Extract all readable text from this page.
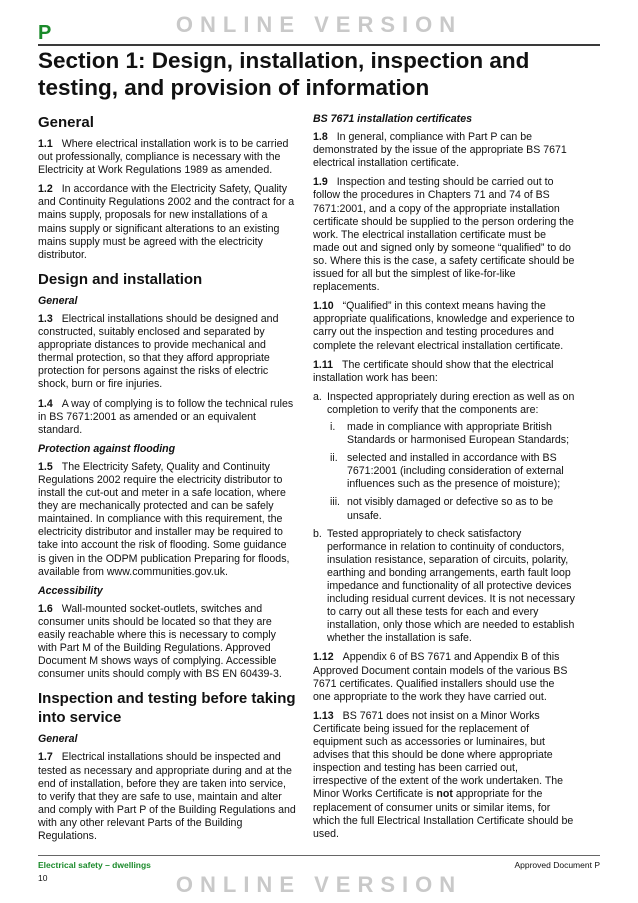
P	ONLINE VERSION
Section 1: Design, installation, inspection and testing, and provision of information
General

1.1 Where electrical installation work is to be carried out professionally, compliance is necessary with the Electricity at Work Regulations 1989 as amended.

1.2 In accordance with the Electricity Safety, Quality and Continuity Regulations 2002 and the contract for a mains supply, proposals for new installations of a mains supply or significant alterations to an existing mains supply must be agreed with the electricity distributor.

Design and installation
General

1.3 Electrical installations should be designed and constructed, suitably enclosed and separated by appropriate distances to provide mechanical and thermal protection, so that they afford appropriate protection for persons against the risks of electric shock, burn or fire injuries.

1.4 A way of complying is to follow the technical rules in BS 7671:2001 as amended or an equivalent standard.

Protection against flooding

1.5 The Electricity Safety, Quality and Continuity Regulations 2002 require the electricity distributor to install the cut-out and meter in a safe location, where they are mechanically protected and can be safely maintained. In compliance with this requirement, the electricity distributor and installer may be required to take into account the risk of flooding. Some guidance is given in the ODPM publication Preparing for floods, available from www.communities.gov.uk.

Accessibility

1.6 Wall-mounted socket-outlets, switches and consumer units should be located so that they are easily reachable where this is necessary to comply with Part M of the Building Regulations. Approved Document M shows ways of complying. Accessible consumer units should comply with BS EN 60439-3.

Inspection and testing before taking into service
General

1.7 Electrical installations should be inspected and tested as necessary and appropriate during and at the end of installation, before they are taken into service, to verify that they are safe to use, maintain and alter and comply with Part P of the Building Regulations and with any other relevant Parts of the Building Regulations.

BS 7671 installation certificates

1.8 In general, compliance with Part P can be demonstrated by the issue of the appropriate BS 7671 electrical installation certificate.

1.9 Inspection and testing should be carried out to follow the procedures in Chapters 71 and 74 of BS 7671:2001, and a copy of the appropriate installation certificate should be supplied to the person ordering the work. The electrical installation certificate must be made out and signed only by someone “qualified” to do so. Where this is the case, a safety certificate should be issued for all but the simplest of like-for-like replacements.

1.10 “Qualified” in this context means having the appropriate qualifications, knowledge and experience to carry out the inspection and testing procedures and complete the relevant electrical installation certificate.

1.11 The certificate should show that the electrical installation work has been:

a. Inspected appropriately during erection as well as on completion to verify that the components are:
i. made in compliance with appropriate British Standards or harmonised European Standards;
ii. selected and installed in accordance with BS 7671:2001 (including consideration of external influences such as the presence of moisture);
iii. not visibly damaged or defective so as to be unsafe.
b. Tested appropriately to check satisfactory performance in relation to continuity of conductors, insulation resistance, separation of circuits, polarity, earthing and bonding arrangements, earth fault loop impedance and functionality of all protective devices including residual current devices. It is not necessary to carry out all these tests for each and every installation, only those which are needed to establish whether the installation is safe.

1.12 Appendix 6 of BS 7671 and Appendix B of this Approved Document contain models of the various BS 7671 certificates. Qualified installers should use the one appropriate to the work they have carried out.

1.13 BS 7671 does not insist on a Minor Works Certificate being issued for the replacement of equipment such as accessories or luminaires, but advises that this should be done where appropriate inspection and testing has been carried out, irrespective of the extent of the work undertaken. The Minor Works Certificate is not appropriate for the replacement of consumer units or similar items, for which the full Electrical Installation Certificate should be used.

Electrical safety – dwellings	Approved Document P
10	ONLINE VERSION
